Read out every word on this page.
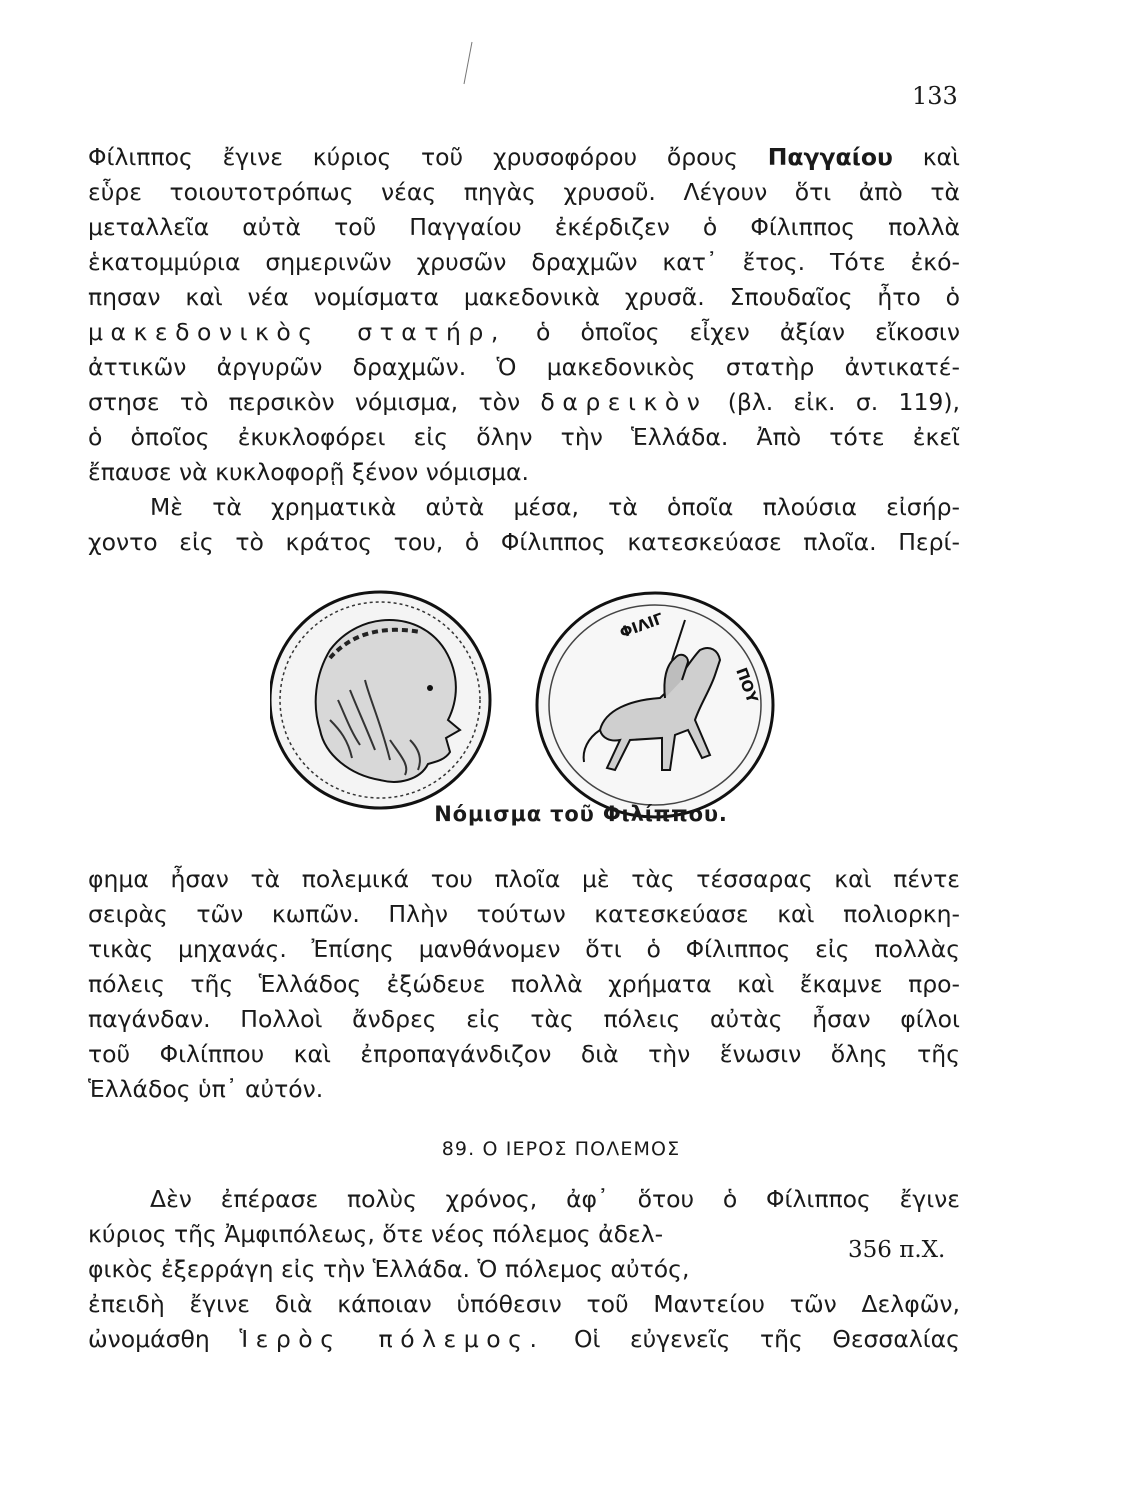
133
Φίλιππος ἔγινε κύριος τοῦ χρυσοφόρου ὄρους Παγγαίου καὶ
εὗρε τοιουτοτρόπως νέας πηγὰς χρυσοῦ. Λέγουν ὅτι ἀπὸ τὰ
μεταλλεῖα αὐτὰ τοῦ Παγγαίου ἐκέρδιζεν ὁ Φίλιππος πολλὰ
ἑκατομμύρια σημερινῶν χρυσῶν δραχμῶν κατ᾽ ἔτος. Τότε ἐκό-
πησαν καὶ νέα νομίσματα μακεδονικὰ χρυσᾶ. Σπουδαῖος ἦτο ὁ
μακεδονικὸς στατήρ, ὁ ὁποῖος εἶχεν ἀξίαν εἴκοσιν
ἀττικῶν ἀργυρῶν δραχμῶν. Ὁ μακεδονικὸς στατὴρ ἀντικατέ-
στησε τὸ περσικὸν νόμισμα, τὸν δαρεικὸν (βλ. εἰκ. σ. 119),
ὁ ὁποῖος ἐκυκλοφόρει εἰς ὅλην τὴν Ἑλλάδα. Ἀπὸ τότε ἐκεῖ
ἔπαυσε νὰ κυκλοφορῇ ξένον νόμισμα.
Μὲ τὰ χρηματικὰ αὐτὰ μέσα, τὰ ὁποῖα πλούσια εἰσήρ-
χοντο εἰς τὸ κράτος του, ὁ Φίλιππος κατεσκεύασε πλοῖα. Περί-
ΦΙΛΙΓ
ΠΟΥ
Νόμισμα τοῦ Φιλίππου.
φημα ἦσαν τὰ πολεμικά του πλοῖα μὲ τὰς τέσσαρας καὶ πέντε
σειρὰς τῶν κωπῶν. Πλὴν τούτων κατεσκεύασε καὶ πολιορκη-
τικὰς μηχανάς. Ἐπίσης μανθάνομεν ὅτι ὁ Φίλιππος εἰς πολλὰς
πόλεις τῆς Ἑλλάδος ἐξώδευε πολλὰ χρήματα καὶ ἔκαμνε προ-
παγάνδαν. Πολλοὶ ἄνδρες εἰς τὰς πόλεις αὐτὰς ἦσαν φίλοι
τοῦ Φιλίππου καὶ ἐπροπαγάνδιζον διὰ τὴν ἕνωσιν ὅλης τῆς
Ἑλλάδος ὑπ᾽ αὐτόν.
89. Ο ΙΕΡΟΣ ΠΟΛΕΜΟΣ
Δὲν ἐπέρασε πολὺς χρόνος, ἀφ᾽ ὅτου ὁ Φίλιππος ἔγινε
κύριος τῆς Ἀμφιπόλεως, ὅτε νέος πόλεμος ἀδελ-
φικὸς ἐξερράγη εἰς τὴν Ἑλλάδα. Ὁ πόλεμος αὐτός,
ἐπειδὴ ἔγινε διὰ κάποιαν ὑπόθεσιν τοῦ Μαντείου τῶν Δελφῶν,
ὠνομάσθη Ἱερὸς πόλεμος. Οἱ εὐγενεῖς τῆς Θεσσαλίας
356 π.Χ.
